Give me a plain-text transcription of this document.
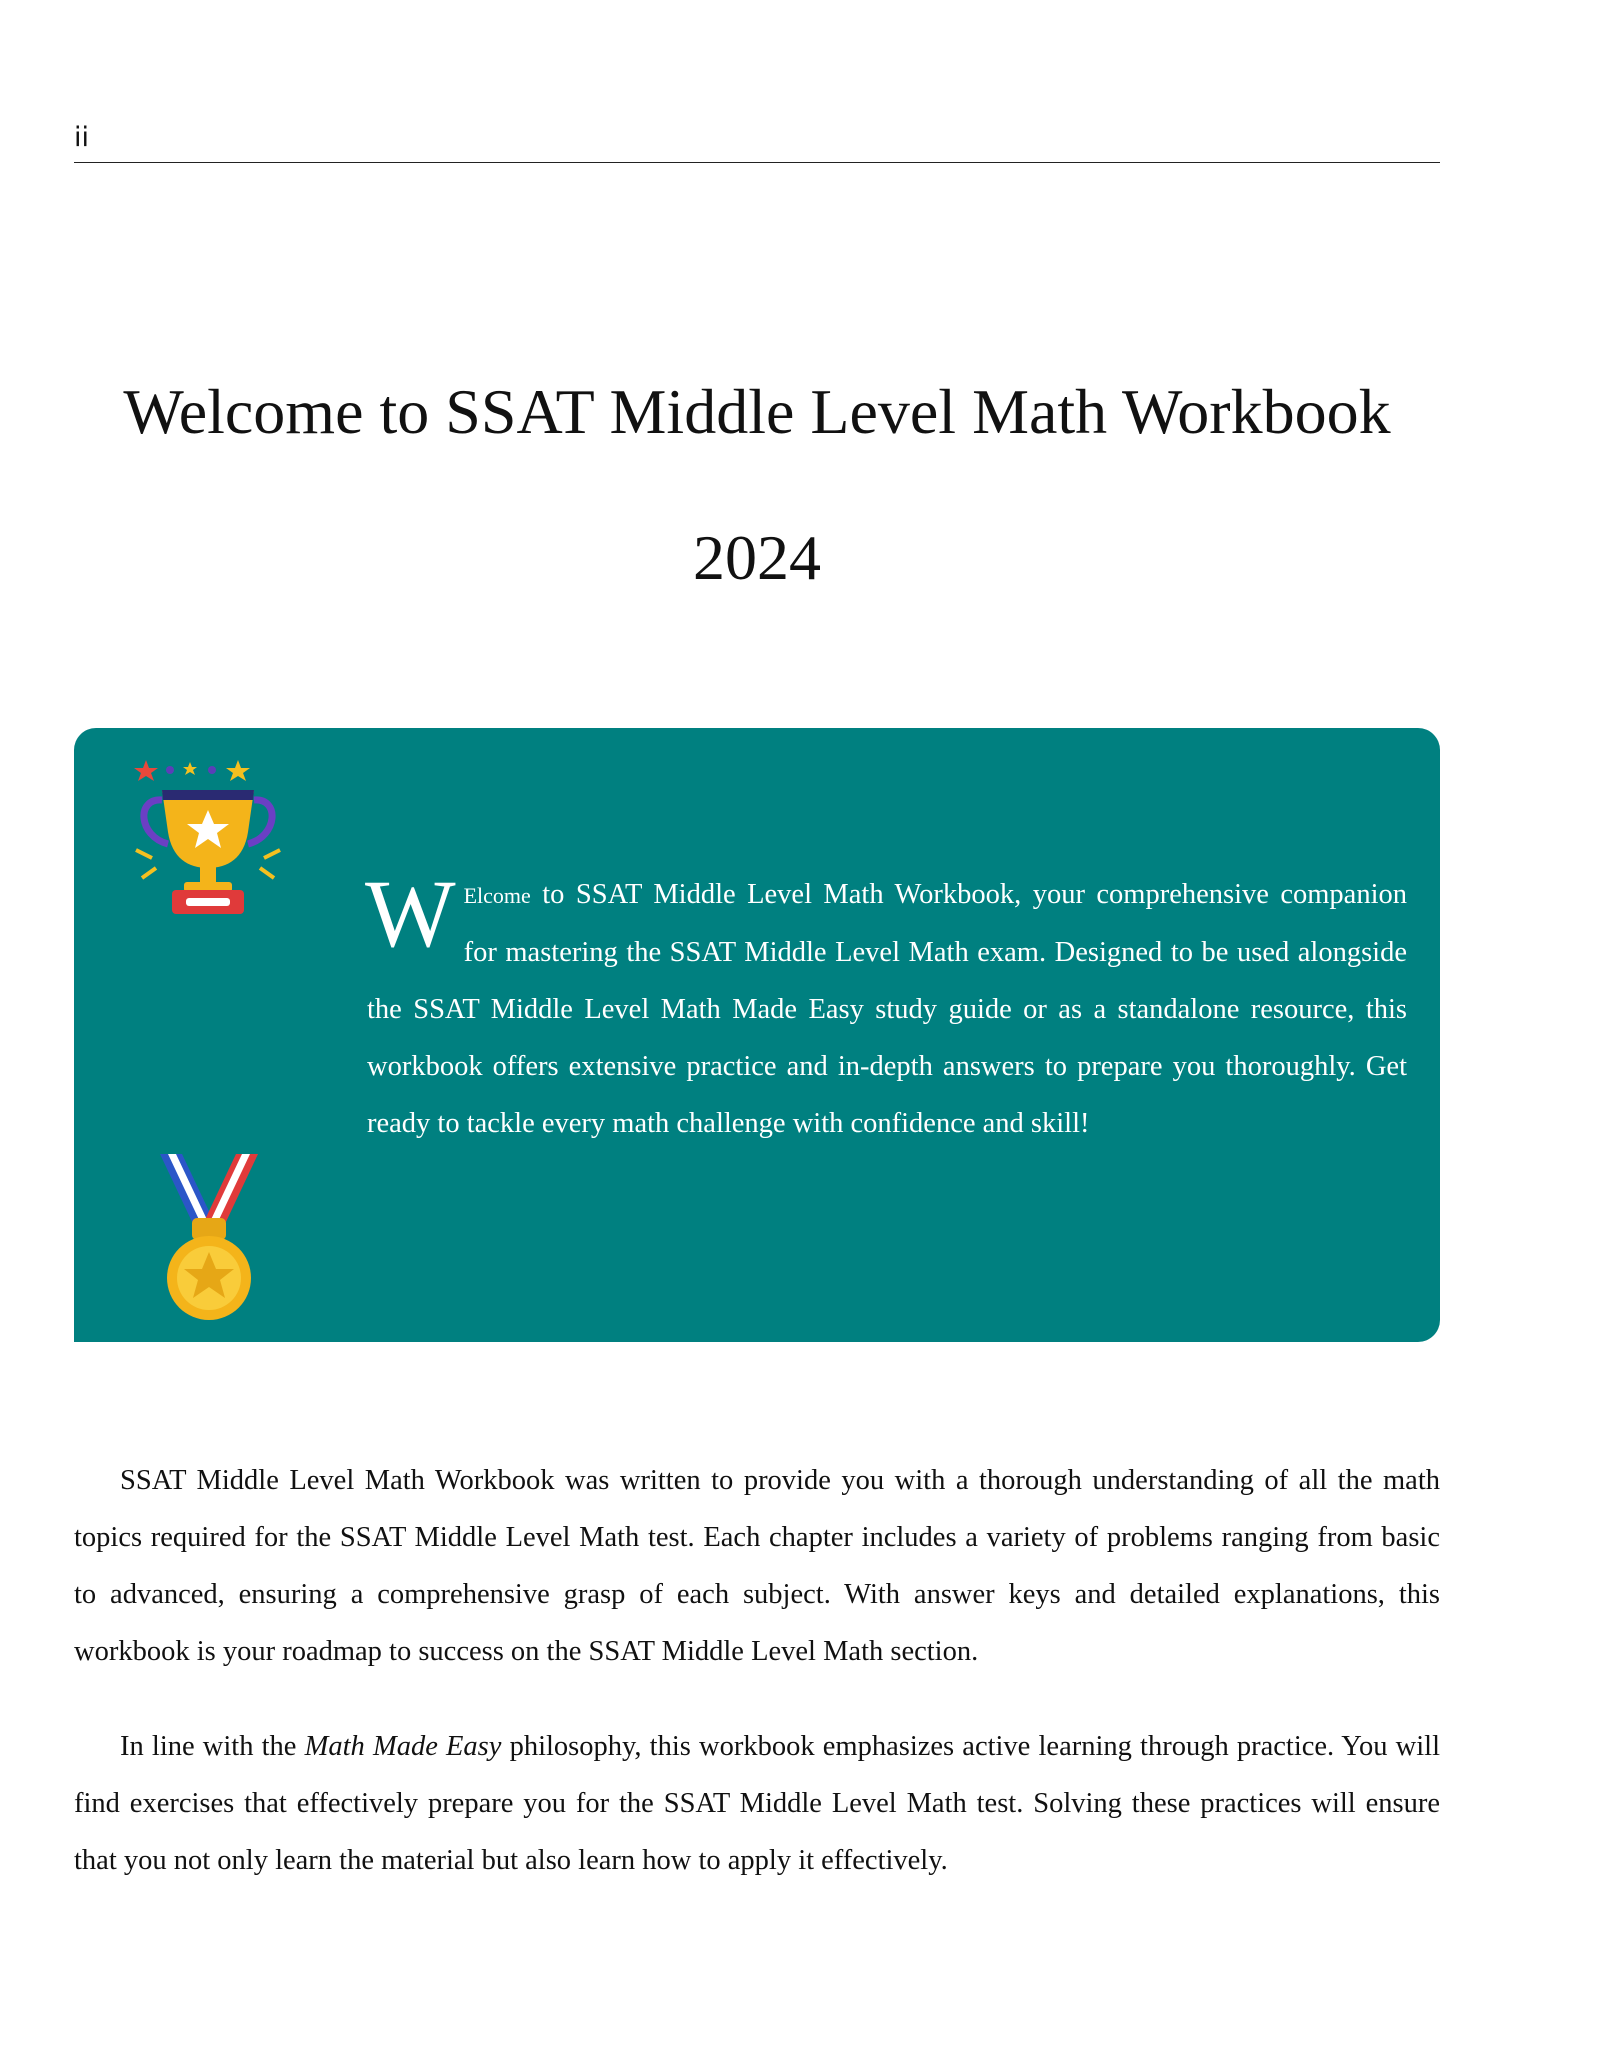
ii
Welcome to SSAT Middle Level Math Workbook
2024
W Elcome to SSAT Middle Level Math Workbook, your comprehensive companion for mastering the SSAT Middle Level Math exam. Designed to be used alongside the SSAT Middle Level Math Made Easy study guide or as a standalone resource, this workbook offers extensive practice and in-depth answers to prepare you thoroughly. Get ready to tackle every math challenge with confidence and skill!

SSAT Middle Level Math Workbook was written to provide you with a thorough understanding of all the math topics required for the SSAT Middle Level Math test. Each chapter includes a variety of problems ranging from basic to advanced, ensuring a comprehensive grasp of each subject. With answer keys and detailed explanations, this workbook is your roadmap to success on the SSAT Middle Level Math section.

In line with the Math Made Easy philosophy, this workbook emphasizes active learning through practice. You will find exercises that effectively prepare you for the SSAT Middle Level Math test. Solving these practices will ensure that you not only learn the material but also learn how to apply it effectively.
